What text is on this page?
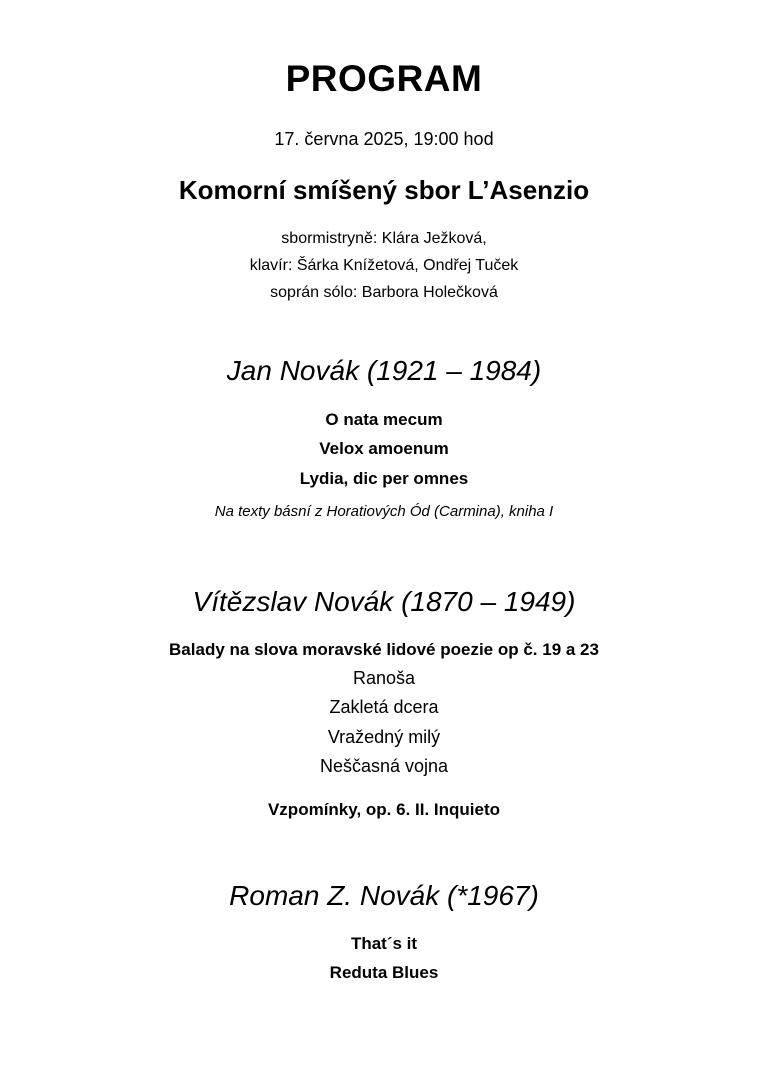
PROGRAM
17. června 2025, 19:00 hod
Komorní smíšený sbor L’Asenzio
sbormistryně: Klára Ježková,
klavír: Šárka Knížetová, Ondřej Tuček
soprán sólo: Barbora Holečková
Jan Novák (1921 – 1984)
O nata mecum
Velox amoenum
Lydia, dic per omnes
Na texty básní z Horatiových Ód (Carmina), kniha I
Vítězslav Novák (1870 – 1949)
Balady na slova moravské lidové poezie op č. 19 a 23
Ranoša
Zakletá dcera
Vražedný milý
Neščasná vojna
Vzpomínky, op. 6. II. Inquieto
Roman Z. Novák (*1967)
That´s it
Reduta Blues
